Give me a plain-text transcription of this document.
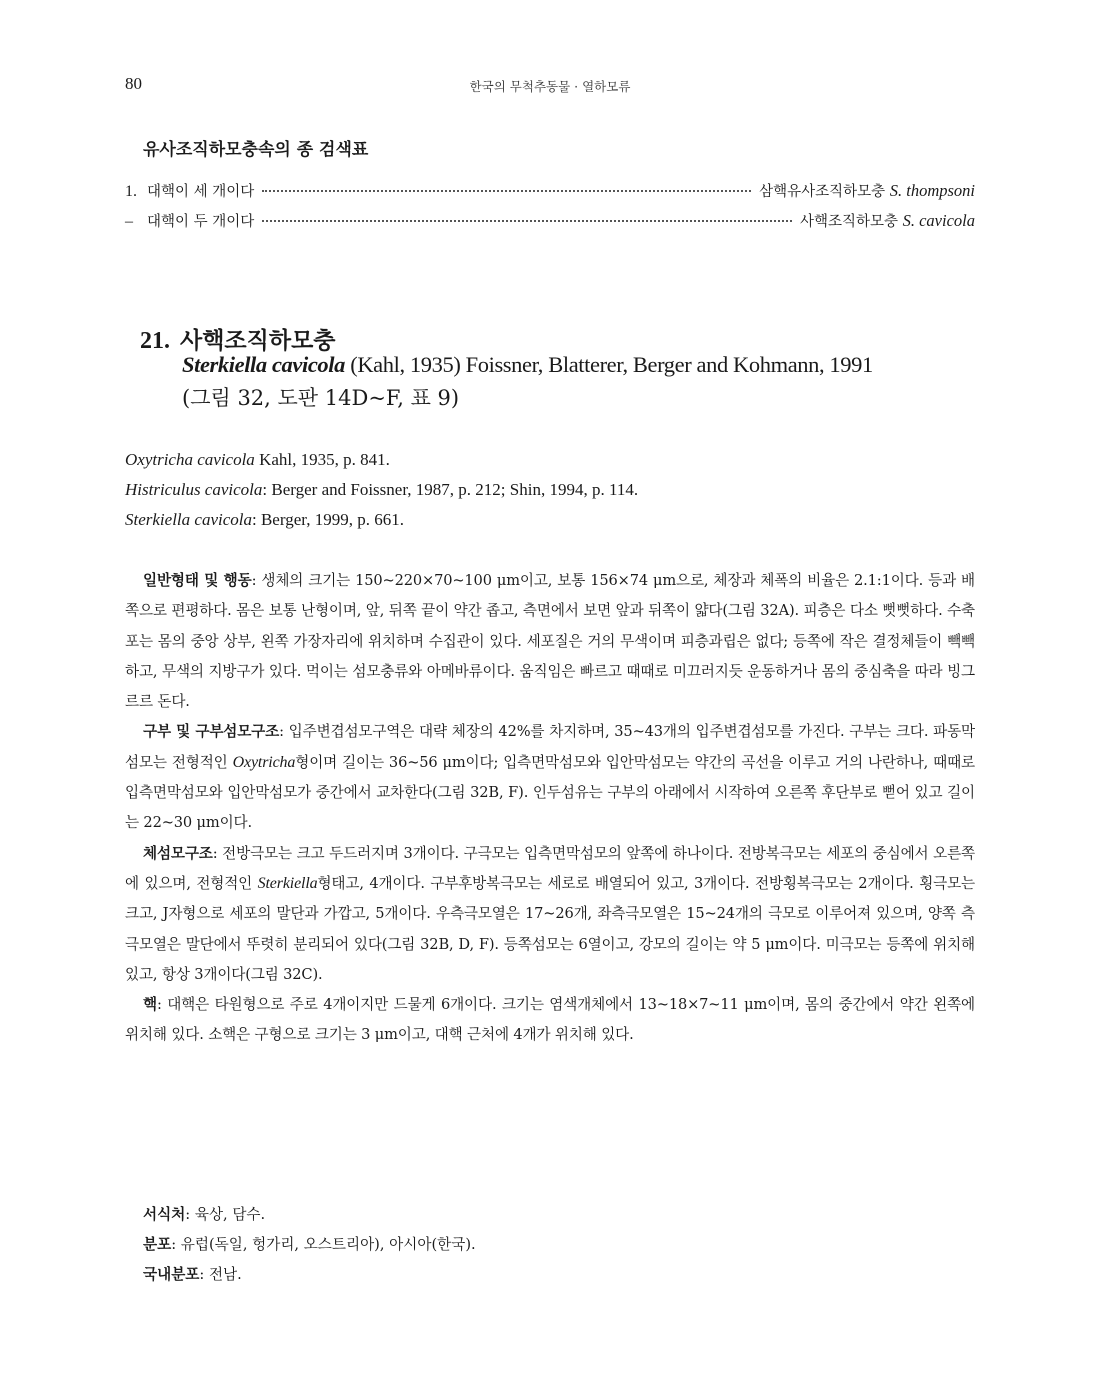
80	한국의 무척추동물 · 열하모류
유사조직하모충속의 종 검색표
1. 대핵이 세 개이다	삼핵유사조직하모충 S. thompsoni
– 대핵이 두 개이다	사핵조직하모충 S. cavicola
21. 사핵조직하모충
Sterkiella cavicola (Kahl, 1935) Foissner, Blatterer, Berger and Kohmann, 1991
(그림 32, 도판 14D~F, 표 9)
Oxytricha cavicola Kahl, 1935, p. 841.
Histriculus cavicola: Berger and Foissner, 1987, p. 212; Shin, 1994, p. 114.
Sterkiella cavicola: Berger, 1999, p. 661.
일반형태 및 행동: 생체의 크기는 150~220×70~100 μm이고, 보통 156×74 μm으로, 체장과 체폭의 비율은 2.1:1이다. 등과 배쪽으로 편평하다. 몸은 보통 난형이며, 앞, 뒤쪽 끝이 약간 좁고, 측면에서 보면 앞과 뒤쪽이 얇다(그림 32A). 피층은 다소 뻣뻣하다. 수축포는 몸의 중앙 상부, 왼쪽 가장자리에 위치하며 수집관이 있다. 세포질은 거의 무색이며 피층과립은 없다; 등쪽에 작은 결정체들이 빽빽하고, 무색의 지방구가 있다. 먹이는 섬모충류와 아메바류이다. 움직임은 빠르고 때때로 미끄러지듯 운동하거나 몸의 중심축을 따라 빙그르르 돈다.
구부 및 구부섬모구조: 입주변겹섬모구역은 대략 체장의 42%를 차지하며, 35~43개의 입주변겹섬모를 가진다. 구부는 크다. 파동막섬모는 전형적인 Oxytricha형이며 길이는 36~56 μm이다; 입측면막섬모와 입안막섬모는 약간의 곡선을 이루고 거의 나란하나, 때때로 입측면막섬모와 입안막섬모가 중간에서 교차한다(그림 32B, F). 인두섬유는 구부의 아래에서 시작하여 오른쪽 후단부로 뻗어 있고 길이는 22~30 μm이다.
체섬모구조: 전방극모는 크고 두드러지며 3개이다. 구극모는 입측면막섬모의 앞쪽에 하나이다. 전방복극모는 세포의 중심에서 오른쪽에 있으며, 전형적인 Sterkiella형태고, 4개이다. 구부후방복극모는 세로로 배열되어 있고, 3개이다. 전방횡복극모는 2개이다. 횡극모는 크고, J자형으로 세포의 말단과 가깝고, 5개이다. 우측극모열은 17~26개, 좌측극모열은 15~24개의 극모로 이루어져 있으며, 양쪽 측극모열은 말단에서 뚜렷히 분리되어 있다(그림 32B, D, F). 등쪽섬모는 6열이고, 강모의 길이는 약 5 μm이다. 미극모는 등쪽에 위치해 있고, 항상 3개이다(그림 32C).
핵: 대핵은 타원형으로 주로 4개이지만 드물게 6개이다. 크기는 염색개체에서 13~18×7~11 μm이며, 몸의 중간에서 약간 왼쪽에 위치해 있다. 소핵은 구형으로 크기는 3 μm이고, 대핵 근처에 4개가 위치해 있다.
서식처: 육상, 담수.
분포: 유럽(독일, 헝가리, 오스트리아), 아시아(한국).
국내분포: 전남.
